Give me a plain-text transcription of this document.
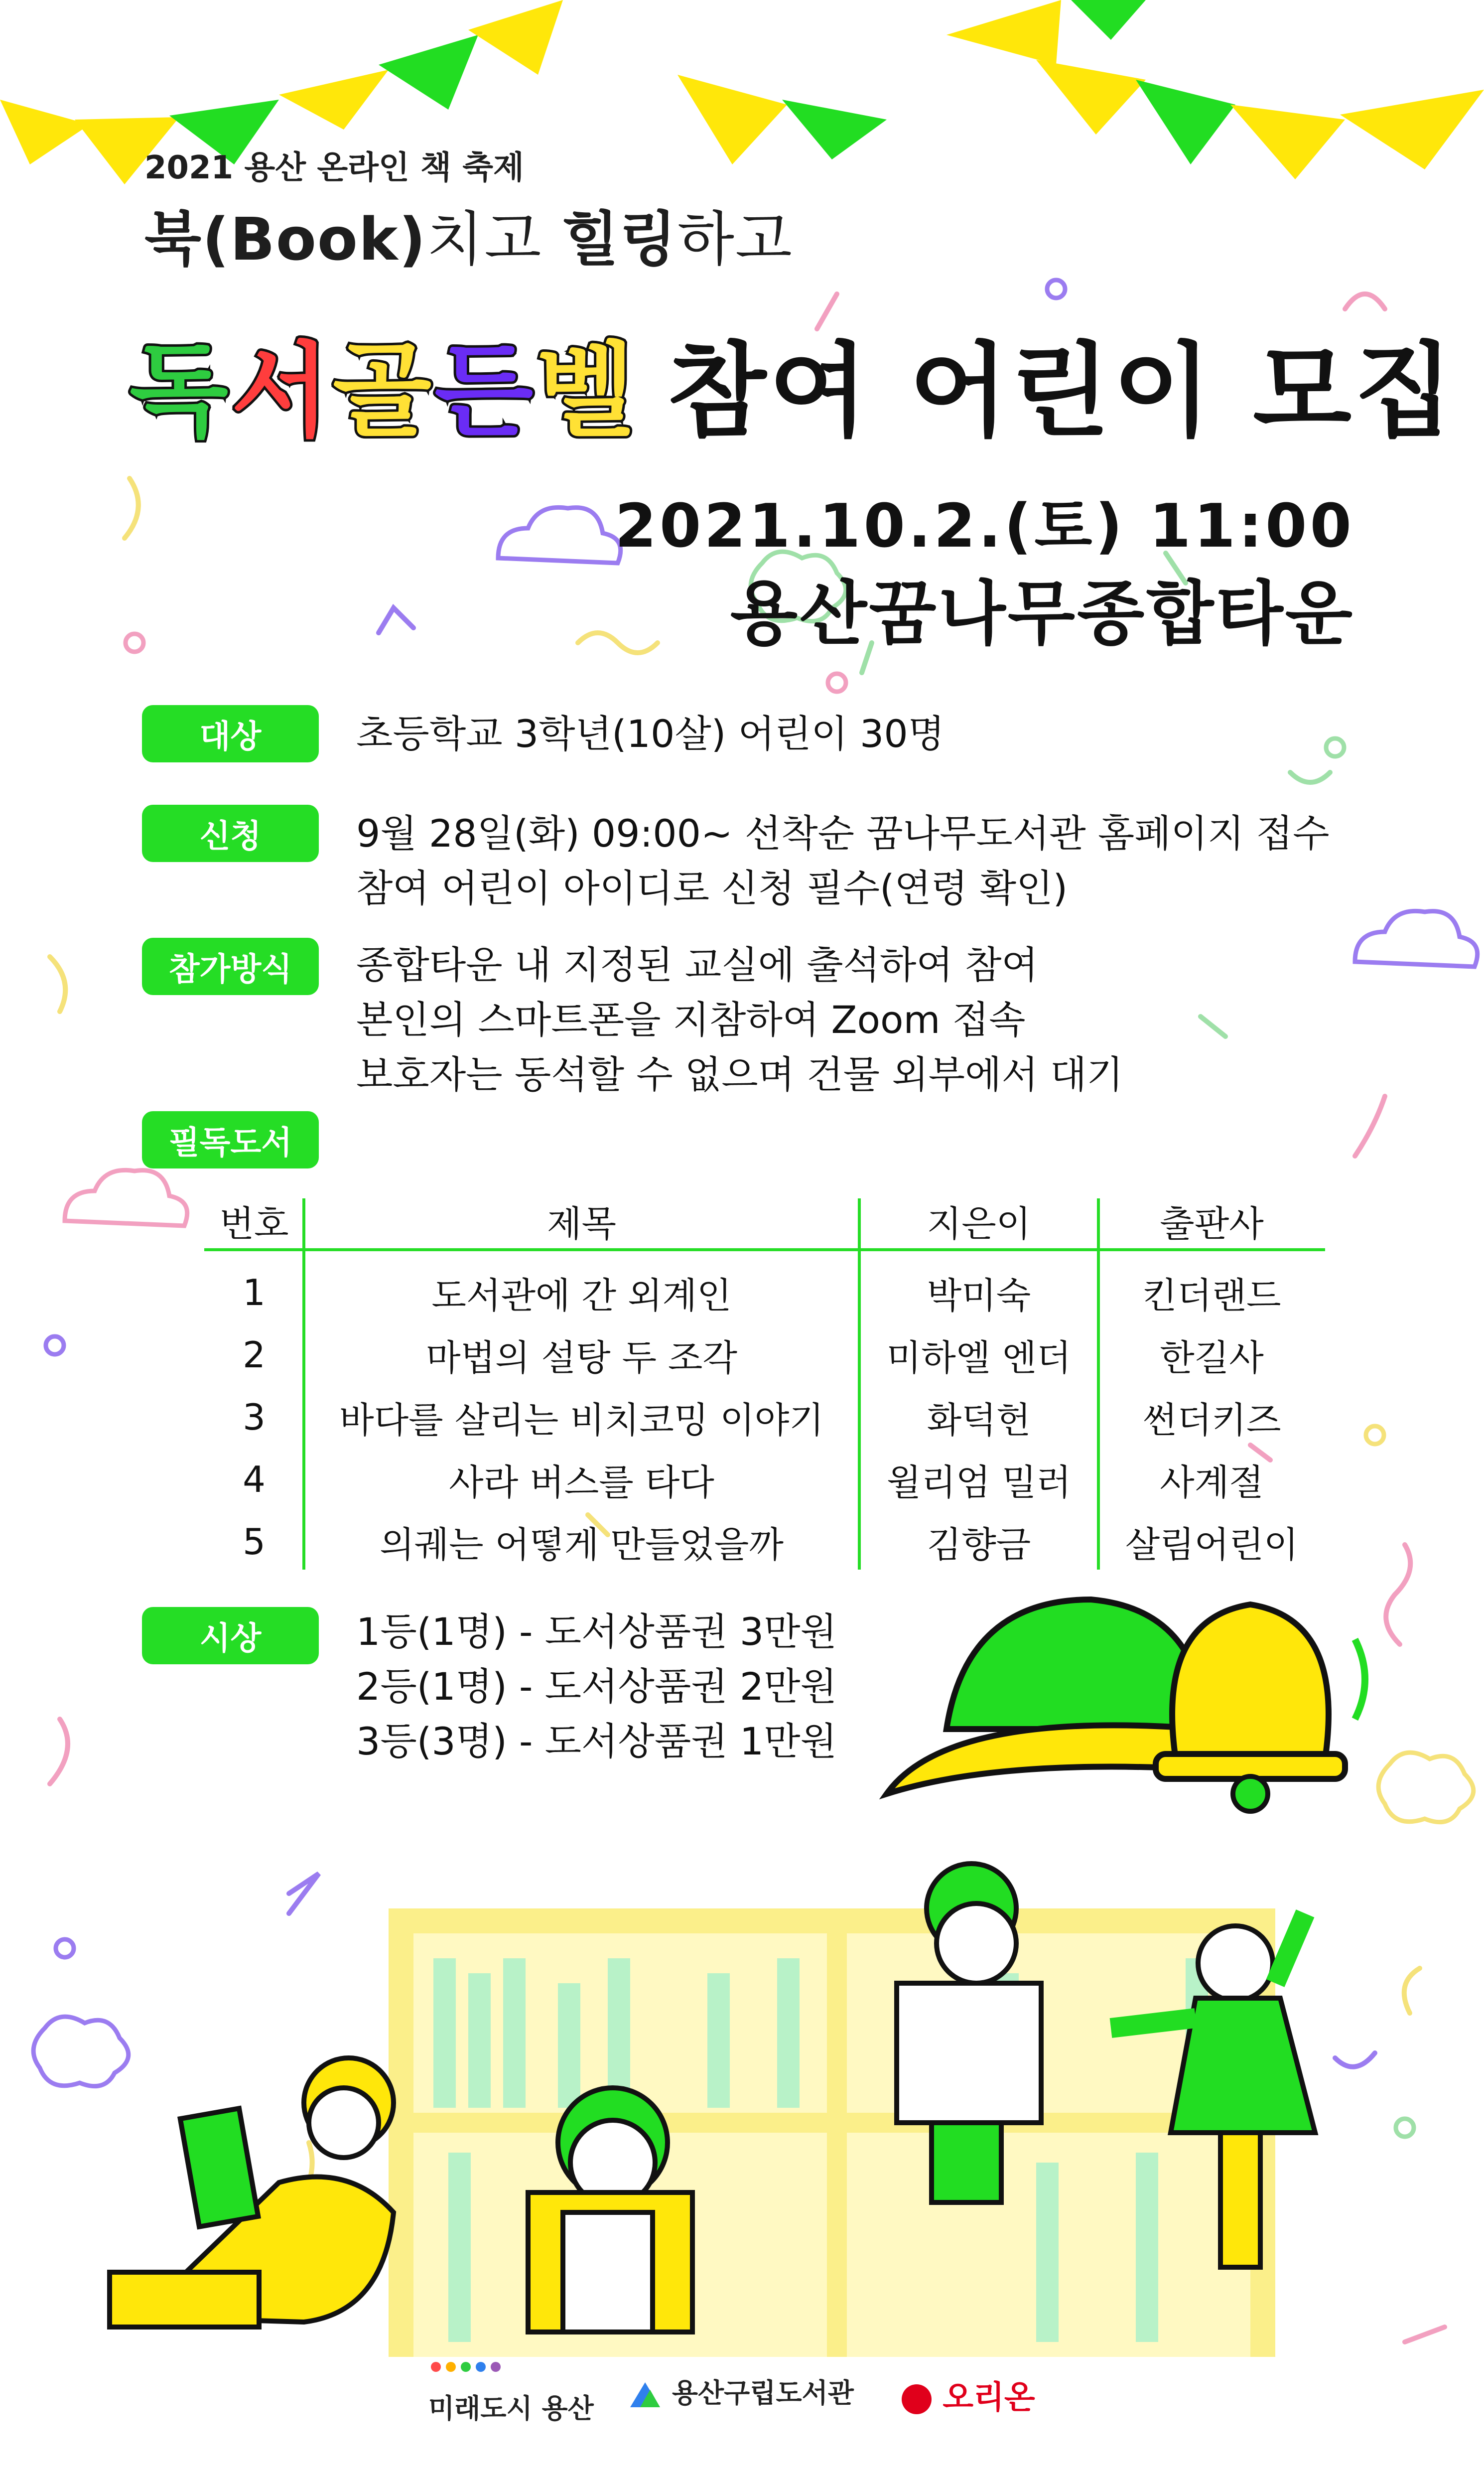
2021 용산 온라인 책 축제
북(Book)치고 힐링하고
독서골든벨 참여 어린이 모집
2021.10.2.(토) 11:00
용산꿈나무종합타운
대상	초등학교 3학년(10살) 어린이 30명
신청	9월 28일(화) 09:00~ 선착순 꿈나무도서관 홈페이지 접수
참여 어린이 아이디로 신청 필수(연령 확인)
참가방식	종합타운 내 지정된 교실에 출석하여 참여
본인의 스마트폰을 지참하여 Zoom 접속
보호자는 동석할 수 없으며 건물 외부에서 대기
필독도서
번호	제목	지은이	출판사
1	도서관에 간 외계인	박미숙	킨더랜드
2	마법의 설탕 두 조각	미하엘 엔더	한길사
3	바다를 살리는 비치코밍 이야기	화덕헌	썬더키즈
4	사라 버스를 타다	윌리엄 밀러	사계절
5	의궤는 어떻게 만들었을까	김향금	살림어린이
시상	1등(1명) - 도서상품권 3만원
2등(1명) - 도서상품권 2만원
3등(3명) - 도서상품권 1만원
미래도시 용산	용산구립도서관	오리온
